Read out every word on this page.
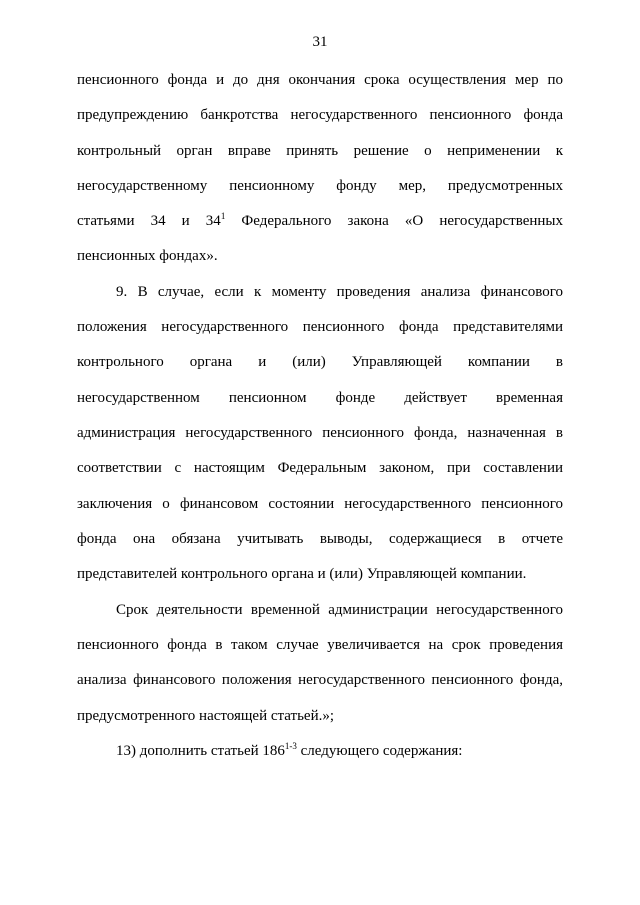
31
пенсионного фонда и до дня окончания срока осуществления мер по
предупреждению банкротства негосударственного пенсионного фонда
контрольный орган вправе принять решение о неприменении к
негосударственному пенсионному фонду мер, предусмотренных
статьями 34 и $34^1$ Федерального закона «О негосударственных
пенсионных фондах».
9. В случае, если к моменту проведения анализа финансового
положения негосударственного пенсионного фонда представителями
контрольного органа и (или) Управляющей компании в
негосударственном пенсионном фонде действует временная
администрация негосударственного пенсионного фонда, назначенная в
соответствии с настоящим Федеральным законом, при составлении
заключения о финансовом состоянии негосударственного пенсионного
фонда она обязана учитывать выводы, содержащиеся в отчете
представителей контрольного органа и (или) Управляющей компании.
Срок деятельности временной администрации негосударственного
пенсионного фонда в таком случае увеличивается на срок проведения
анализа финансового положения негосударственного пенсионного фонда,
предусмотренного настоящей статьей.»;
13) дополнить статьей 186$^{1-3}$ следующего содержания:
